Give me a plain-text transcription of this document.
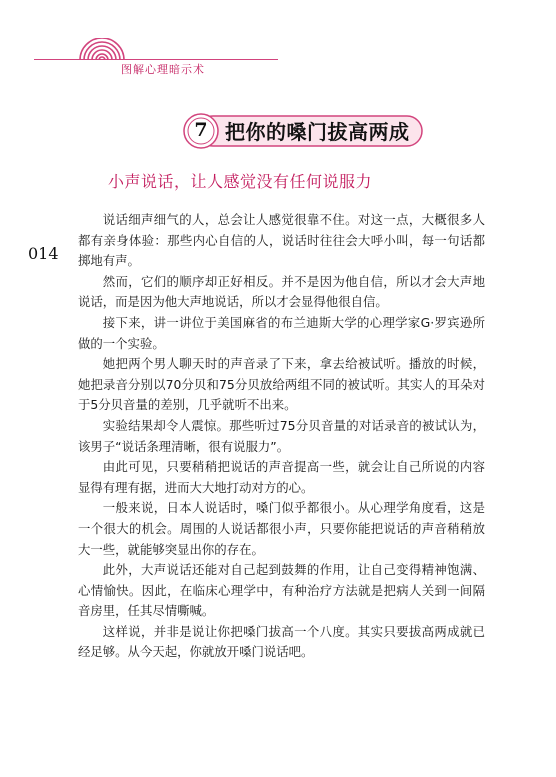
图解心理暗示术
7 把你的嗓门拔高两成
小声说话，让人感觉没有任何说服力
014

说话细声细气的人，总会让人感觉很靠不住。对这一点，大概很多人都有亲身体验：那些内心自信的人，说话时往往会大呼小叫，每一句话都掷地有声。

然而，它们的顺序却正好相反。并不是因为他自信，所以才会大声地说话，而是因为他大声地说话，所以才会显得他很自信。

接下来，讲一讲位于美国麻省的布兰迪斯大学的心理学家G·罗宾逊所做的一个实验。

她把两个男人聊天时的声音录了下来，拿去给被试听。播放的时候，她把录音分别以70分贝和75分贝放给两组不同的被试听。其实人的耳朵对于5分贝音量的差别，几乎就听不出来。

实验结果却令人震惊。那些听过75分贝音量的对话录音的被试认为，该男子“说话条理清晰，很有说服力”。

由此可见，只要稍稍把说话的声音提高一些，就会让自己所说的内容显得有理有据，进而大大地打动对方的心。

一般来说，日本人说话时，嗓门似乎都很小。从心理学角度看，这是一个很大的机会。周围的人说话都很小声，只要你能把说话的声音稍稍放大一些，就能够突显出你的存在。

此外，大声说话还能对自己起到鼓舞的作用，让自己变得精神饱满、心情愉快。因此，在临床心理学中，有种治疗方法就是把病人关到一间隔音房里，任其尽情嘶喊。

这样说，并非是说让你把嗓门拔高一个八度。其实只要拔高两成就已经足够。从今天起，你就放开嗓门说话吧。
